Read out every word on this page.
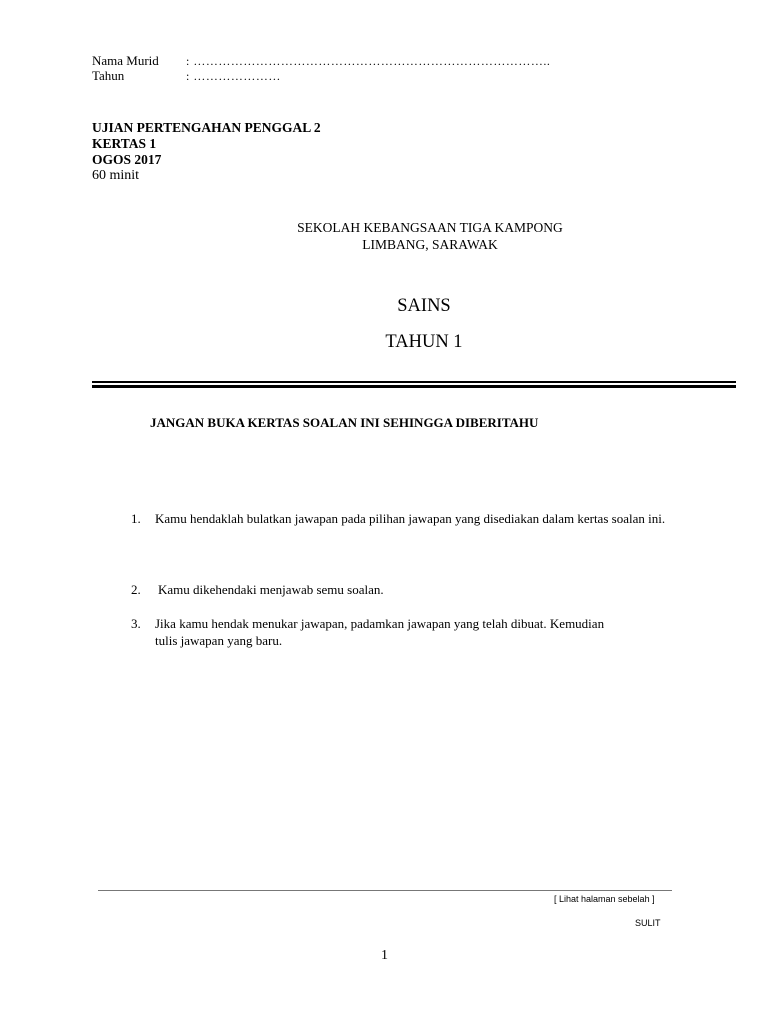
Nama Murid : …………………………………………………………………………..
Tahun	: …………………
UJIAN PERTENGAHAN PENGGAL 2
KERTAS 1
OGOS 2017
60 minit
SEKOLAH KEBANGSAAN TIGA KAMPONG
LIMBANG, SARAWAK
SAINS
TAHUN 1
JANGAN BUKA KERTAS SOALAN INI SEHINGGA DIBERITAHU
1. Kamu hendaklah bulatkan jawapan pada pilihan jawapan yang disediakan dalam kertas soalan ini.
2. Kamu dikehendaki menjawab semu soalan.
3. Jika kamu hendak menukar jawapan, padamkan jawapan yang telah dibuat. Kemudian tulis jawapan yang baru.
[ Lihat halaman sebelah ]
SULIT
1
